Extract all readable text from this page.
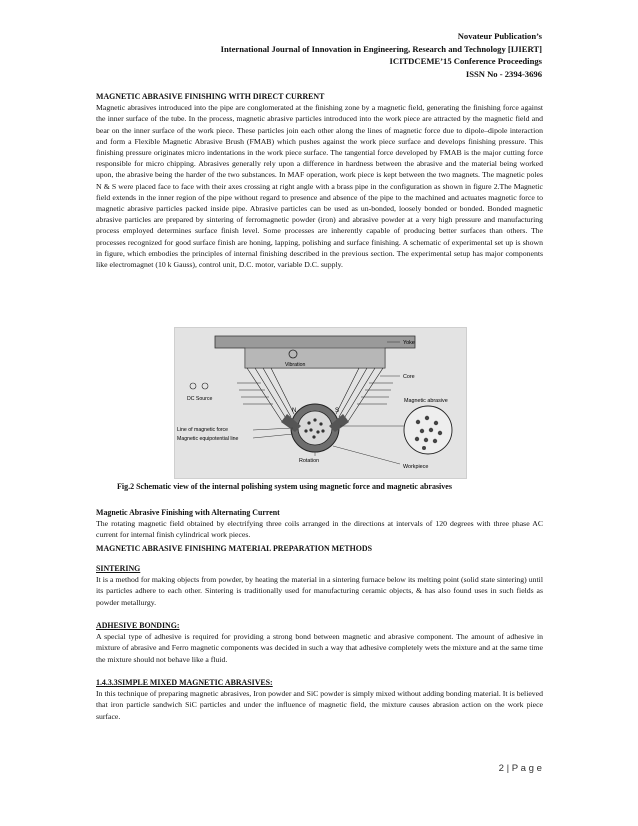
Novateur Publication’s
International Journal of Innovation in Engineering, Research and Technology [IJIERT]
ICITDCEME’15 Conference Proceedings
ISSN No - 2394-3696
MAGNETIC ABRASIVE FINISHING WITH DIRECT CURRENT

Magnetic abrasives introduced into the pipe are conglomerated at the finishing zone by a magnetic field, generating the finishing force against the inner surface of the tube. In the process, magnetic abrasive particles introduced into the work piece are attracted by the magnetic field and bear on the inner surface of the work piece. These particles join each other along the lines of magnetic force due to dipole–dipole interaction and form a Flexible Magnetic Abrasive Brush (FMAB) which pushes against the work piece surface and develops finishing pressure. This finishing pressure originates micro indentations in the work piece surface. The tangential force developed by FMAB is the major cutting force responsible for micro chipping. Abrasives generally rely upon a difference in hardness between the abrasive and the material being worked upon, the abrasive being the harder of the two substances. In MAF operation, work piece is kept between the two magnets. The magnetic poles N & S were placed face to face with their axes crossing at right angle with a brass pipe in the configuration as shown in figure 2.The Magnetic field extends in the inner region of the pipe without regard to presence and absence of the pipe to the machined and actuates magnetic force to magnetic abrasive particles packed inside pipe. Abrasive particles can be used as un-bonded, loosely bonded or bonded. Bonded magnetic abrasive particles are prepared by sintering of ferromagnetic powder (iron) and abrasive powder at a very high pressure and manufacturing process employed determines surface finish level. Some processes are inherently capable of producing better surfaces than others. The processes recognized for good surface finish are honing, lapping, polishing and surface finishing. A schematic of experimental set up is shown in figure, which embodies the principles of internal finishing described in the previous section. The experimental setup has major components like electromagnet (10 k Gauss), control unit, D.C. motor, variable D.C. supply.

N	S
Vibration
DC Source
Yoke
Core
Magnetic abrasive
Line of magnetic force
Magnetic equipotential line
Rotation
Workpiece
Fig.2 Schematic view of the internal polishing system using magnetic force and magnetic abrasives
Magnetic Abrasive Finishing with Alternating Current

The rotating magnetic field obtained by electrifying three coils arranged in the directions at intervals of 120 degrees with three phase AC current for internal finish cylindrical work pieces.

MAGNETIC ABRASIVE FINISHING MATERIAL PREPARATION METHODS
SINTERING

It is a method for making objects from powder, by heating the material in a sintering furnace below its melting point (solid state sintering) until its particles adhere to each other. Sintering is traditionally used for manufacturing ceramic objects, & has also found uses in such fields as powder metallurgy.

ADHESIVE BONDING:

A special type of adhesive is required for providing a strong bond between magnetic and abrasive component. The amount of adhesive in mixture of abrasive and Ferro magnetic components was decided in such a way that adhesive completely wets the mixture and at the same time the mixture should not behave like a fluid.

1.4.3.3SIMPLE MIXED MAGNETIC ABRASIVES:

In this technique of preparing magnetic abrasives, Iron powder and SiC powder is simply mixed without adding bonding material. It is believed that iron particle sandwich SiC particles and under the influence of magnetic field, the mixture causes abrasion action on the work piece surface.

2 | P a g e
